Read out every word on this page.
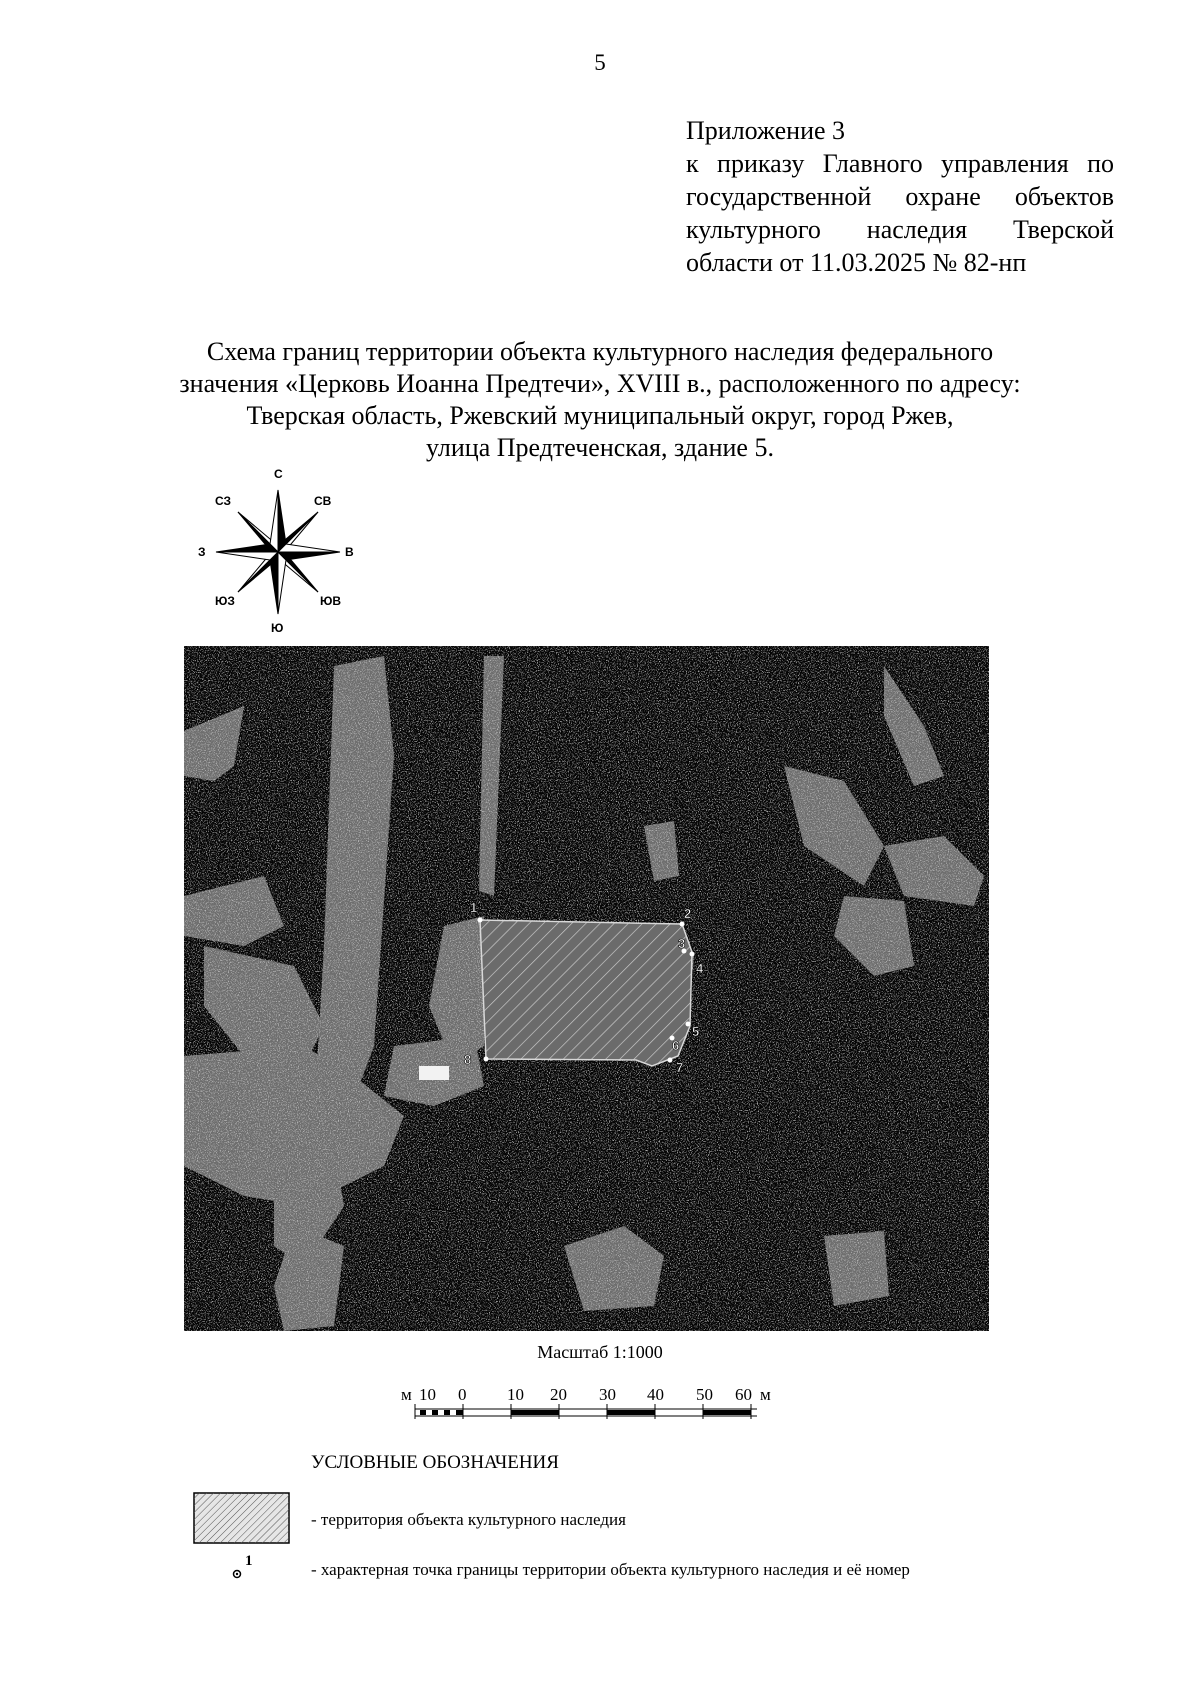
5
Приложение 3
к приказу Главного управления по
государственной охране объектов
культурного наследия Тверской
области от 11.03.2025 № 82-нп
Схема границ территории объекта культурного наследия федерального
значения «Церковь Иоанна Предтечи», XVIII в., расположенного по адресу:
Тверская область, Ржевский муниципальный округ, город Ржев,
улица Предтеченская, здание 5.
С
СВ
В
ЮВ
Ю
ЮЗ
З
СЗ
1	2
3
4
5
6
7
8
Масштаб 1:1000
м 10 0 10 20 30 40 50 60 м
УСЛОВНЫЕ ОБОЗНАЧЕНИЯ
- территория объекта культурного наследия
1	- характерная точка границы территории объекта культурного наследия и её номер
